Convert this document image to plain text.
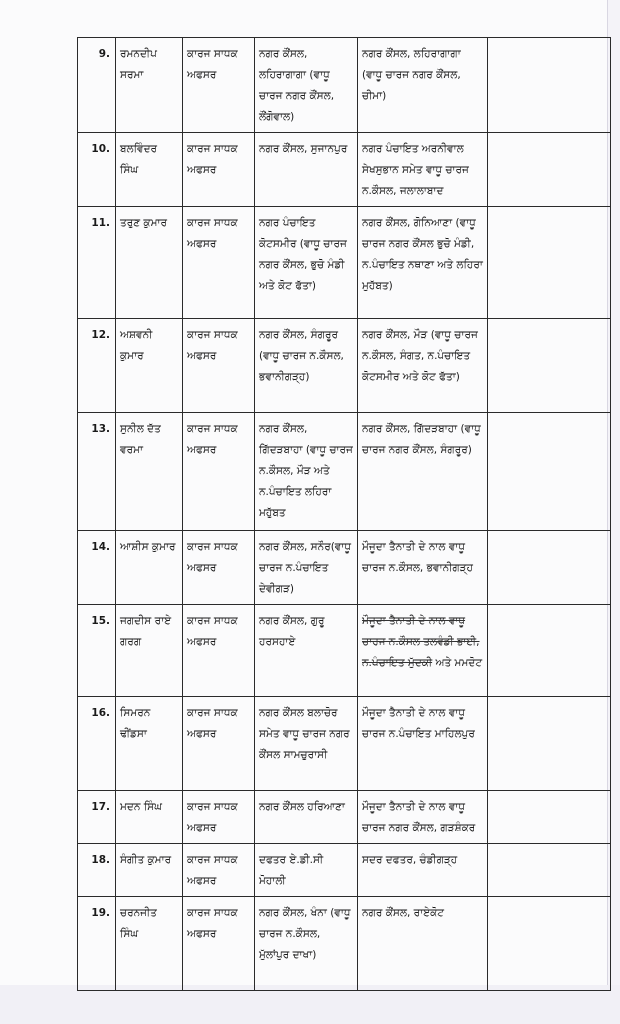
9.	ਰਮਨਦੀਪ ਸਰਮਾ	ਕਾਰਜ ਸਾਧਕ ਅਫਸਰ	ਨਗਰ ਕੌਂਸਲ, ਲਹਿਰਾਗਾਗਾ (ਵਾਧੂ ਚਾਰਜ ਨਗਰ ਕੌਂਸਲ, ਲੌਂਗੋਵਾਲ)	ਨਗਰ ਕੌਂਸਲ, ਲਹਿਰਾਗਾਗਾ (ਵਾਧੂ ਚਾਰਜ ਨਗਰ ਕੌਂਸਲ, ਚੀਮਾ)	
10.	ਬਲਵਿੰਦਰ ਸਿੰਘ	ਕਾਰਜ ਸਾਧਕ ਅਫਸਰ	ਨਗਰ ਕੌਂਸਲ, ਸੁਜਾਨਪੁਰ	ਨਗਰ ਪੰਚਾਇਤ ਅਰਨੀਵਾਲ ਸੇਖਸੁਭਾਨ ਸਮੇਤ ਵਾਧੂ ਚਾਰਜ ਨ.ਕੌਸਲ, ਜਲਾਲਾਬਾਦ	
11.	ਤਰੁਣ ਕੁਮਾਰ	ਕਾਰਜ ਸਾਧਕ ਅਫਸਰ	ਨਗਰ ਪੰਚਾਇਤ ਕੋਟਸਮੀਰ (ਵਾਧੂ ਚਾਰਜ ਨਗਰ ਕੌਂਸਲ, ਭੁਚੋ ਮੰਡੀ ਅਤੇ ਕੋਟ ਫੱਤਾ)	ਨਗਰ ਕੌਂਸਲ, ਗੋਨਿਆਣਾ (ਵਾਧੂ ਚਾਰਜ ਨਗਰ ਕੌਂਸਲ ਭੁਚੋ ਮੰਡੀ, ਨ.ਪੰਚਾਇਤ ਨਥਾਣਾ ਅਤੇ ਲਹਿਰਾ ਮੁਹੱਬਤ)	
12.	ਅਸ਼ਵਨੀ ਕੁਮਾਰ	ਕਾਰਜ ਸਾਧਕ ਅਫਸਰ	ਨਗਰ ਕੌਂਸਲ, ਸੰਗਰੂਰ (ਵਾਧੂ ਚਾਰਜ ਨ.ਕੌਸਲ, ਭਵਾਨੀਗੜ੍ਹ)	ਨਗਰ ਕੌਂਸਲ, ਮੌੜ (ਵਾਧੂ ਚਾਰਜ ਨ.ਕੌਸਲ, ਸੰਗਤ, ਨ.ਪੰਚਾਇਤ ਕੋਟਸਮੀਰ ਅਤੇ ਕੋਟ ਫੱਤਾ)	
13.	ਸੁਨੀਲ ਦੱਤ ਵਰਮਾ	ਕਾਰਜ ਸਾਧਕ ਅਫਸਰ	ਨਗਰ ਕੌਂਸਲ, ਗਿੱਦੜਬਾਹਾ (ਵਾਧੂ ਚਾਰਜ ਨ.ਕੌਸਲ, ਮੌੜ ਅਤੇ ਨ.ਪੰਚਾਇਤ ਲਹਿਰਾ ਮਹੁੱਬਤ	ਨਗਰ ਕੌਂਸਲ, ਗਿੱਦੜਬਾਹਾ (ਵਾਧੂ ਚਾਰਜ ਨਗਰ ਕੌਂਸਲ, ਸੰਗਰੂਰ)	
14.	ਆਸ਼ੀਸ ਕੁਮਾਰ	ਕਾਰਜ ਸਾਧਕ ਅਫਸਰ	ਨਗਰ ਕੌਂਸਲ, ਸਨੌਰ(ਵਾਧੂ ਚਾਰਜ ਨ.ਪੰਚਾਇਤ ਦੇਵੀਗੜ)	ਮੌਜੂਦਾ ਤੈਨਾਤੀ ਦੇ ਨਾਲ ਵਾਧੂ ਚਾਰਜ ਨ.ਕੌਸਲ, ਭਵਾਨੀਗੜ੍ਹ	
15.	ਜਗਦੀਸ ਰਾਏ ਗਰਗ	ਕਾਰਜ ਸਾਧਕ ਅਫਸਰ	ਨਗਰ ਕੌਂਸਲ, ਗੁਰੂ ਹਰਸਹਾਏ	ਮੌਜੂਦਾ ਤੈਨਾਤੀ ਦੇ ਨਾਲ ਵਾਧੂ ਚਾਰਜ ਨ.ਕੌਸਲ ਤਲਵੰਡੀ ਭਾਈ, ਨ.ਪੰਚਾਇਤ ਮੁੱਦਕੀ ਅਤੇ ਮਮਦੋਟ	
16.	ਸਿਮਰਨ ਢੀਂਡਸਾ	ਕਾਰਜ ਸਾਧਕ ਅਫਸਰ	ਨਗਰ ਕੌਂਸਲ ਬਲਾਚੋਰ ਸਮੇਤ ਵਾਧੂ ਚਾਰਜ ਨਗਰ ਕੌਂਸਲ ਸਾਮਚੁਰਾਸੀ	ਮੌਜੂਦਾ ਤੈਨਾਤੀ ਦੇ ਨਾਲ ਵਾਧੂ ਚਾਰਜ ਨ.ਪੰਚਾਇਤ ਮਾਹਿਲਪੁਰ	
17.	ਮਦਨ ਸਿੰਘ	ਕਾਰਜ ਸਾਧਕ ਅਫਸਰ	ਨਗਰ ਕੌਂਸਲ ਹਰਿਆਣਾ	ਮੌਜੂਦਾ ਤੈਨਾਤੀ ਦੇ ਨਾਲ ਵਾਧੂ ਚਾਰਜ ਨਗਰ ਕੌਂਸਲ, ਗੜਸ਼ੰਕਰ	
18.	ਸੰਗੀਤ ਕੁਮਾਰ	ਕਾਰਜ ਸਾਧਕ ਅਫਸਰ	ਦਫਤਰ ਏ.ਡੀ.ਸੀ ਮੋਹਾਲੀ	ਸਦਰ ਦਫਤਰ, ਚੰਡੀਗੜ੍ਹ	
19.	ਚਰਨਜੀਤ ਸਿੰਘ	ਕਾਰਜ ਸਾਧਕ ਅਫਸਰ	ਨਗਰ ਕੌਂਸਲ, ਖੰਨਾ (ਵਾਧੂ ਚਾਰਜ ਨ.ਕੌਸਲ, ਮੁੱਲਾਂਪੁਰ ਦਾਖਾ)	ਨਗਰ ਕੌਂਸਲ, ਰਾਏਕੋਟ	
